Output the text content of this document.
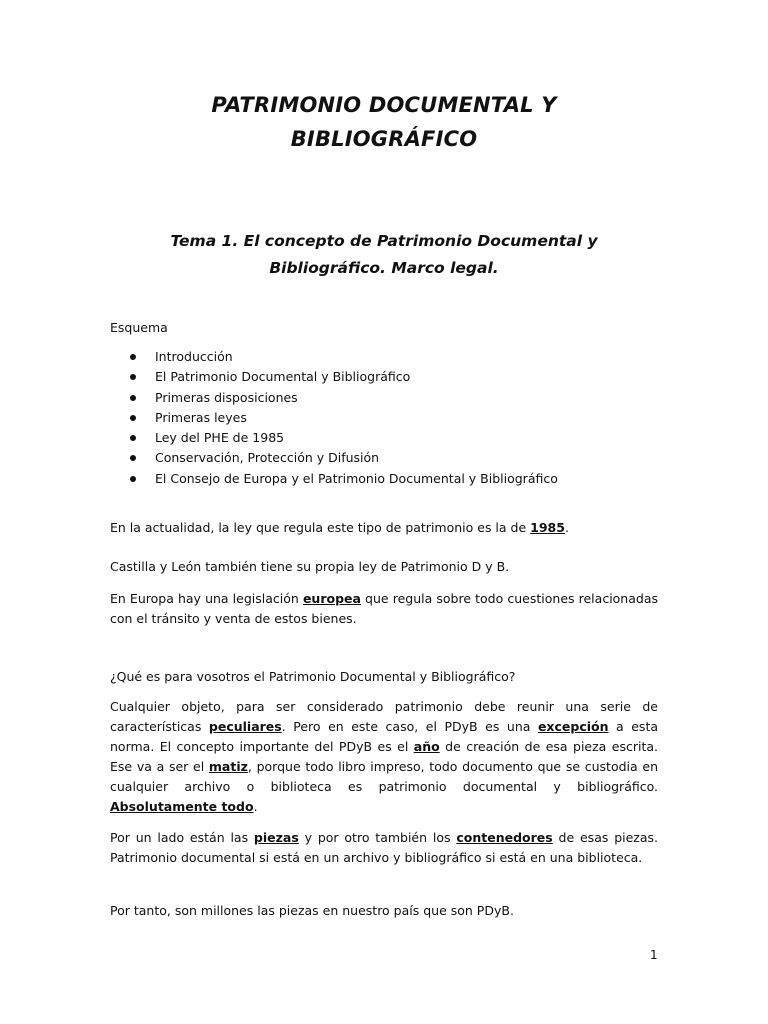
PATRIMONIO DOCUMENTAL Y
BIBLIOGRÁFICO
Tema 1. El concepto de Patrimonio Documental y
Bibliográfico. Marco legal.
Esquema
Introducción
El Patrimonio Documental y Bibliográfico
Primeras disposiciones
Primeras leyes
Ley del PHE de 1985
Conservación, Protección y Difusión
El Consejo de Europa y el Patrimonio Documental y Bibliográfico

En la actualidad, la ley que regula este tipo de patrimonio es la de 1985.

Castilla y León también tiene su propia ley de Patrimonio D y B.

En Europa hay una legislación europea que regula sobre todo cuestiones relacionadas con el tránsito y venta de estos bienes.

¿Qué es para vosotros el Patrimonio Documental y Bibliográfico?

Cualquier objeto, para ser considerado patrimonio debe reunir una serie de características peculiares. Pero en este caso, el PDyB es una excepción a esta norma. El concepto importante del PDyB es el año de creación de esa pieza escrita. Ese va a ser el matiz, porque todo libro impreso, todo documento que se custodia en cualquier archivo o biblioteca es patrimonio documental y bibliográfico. Absolutamente todo.

Por un lado están las piezas y por otro también los contenedores de esas piezas. Patrimonio documental si está en un archivo y bibliográfico si está en una biblioteca.

Por tanto, son millones las piezas en nuestro país que son PDyB.

1
